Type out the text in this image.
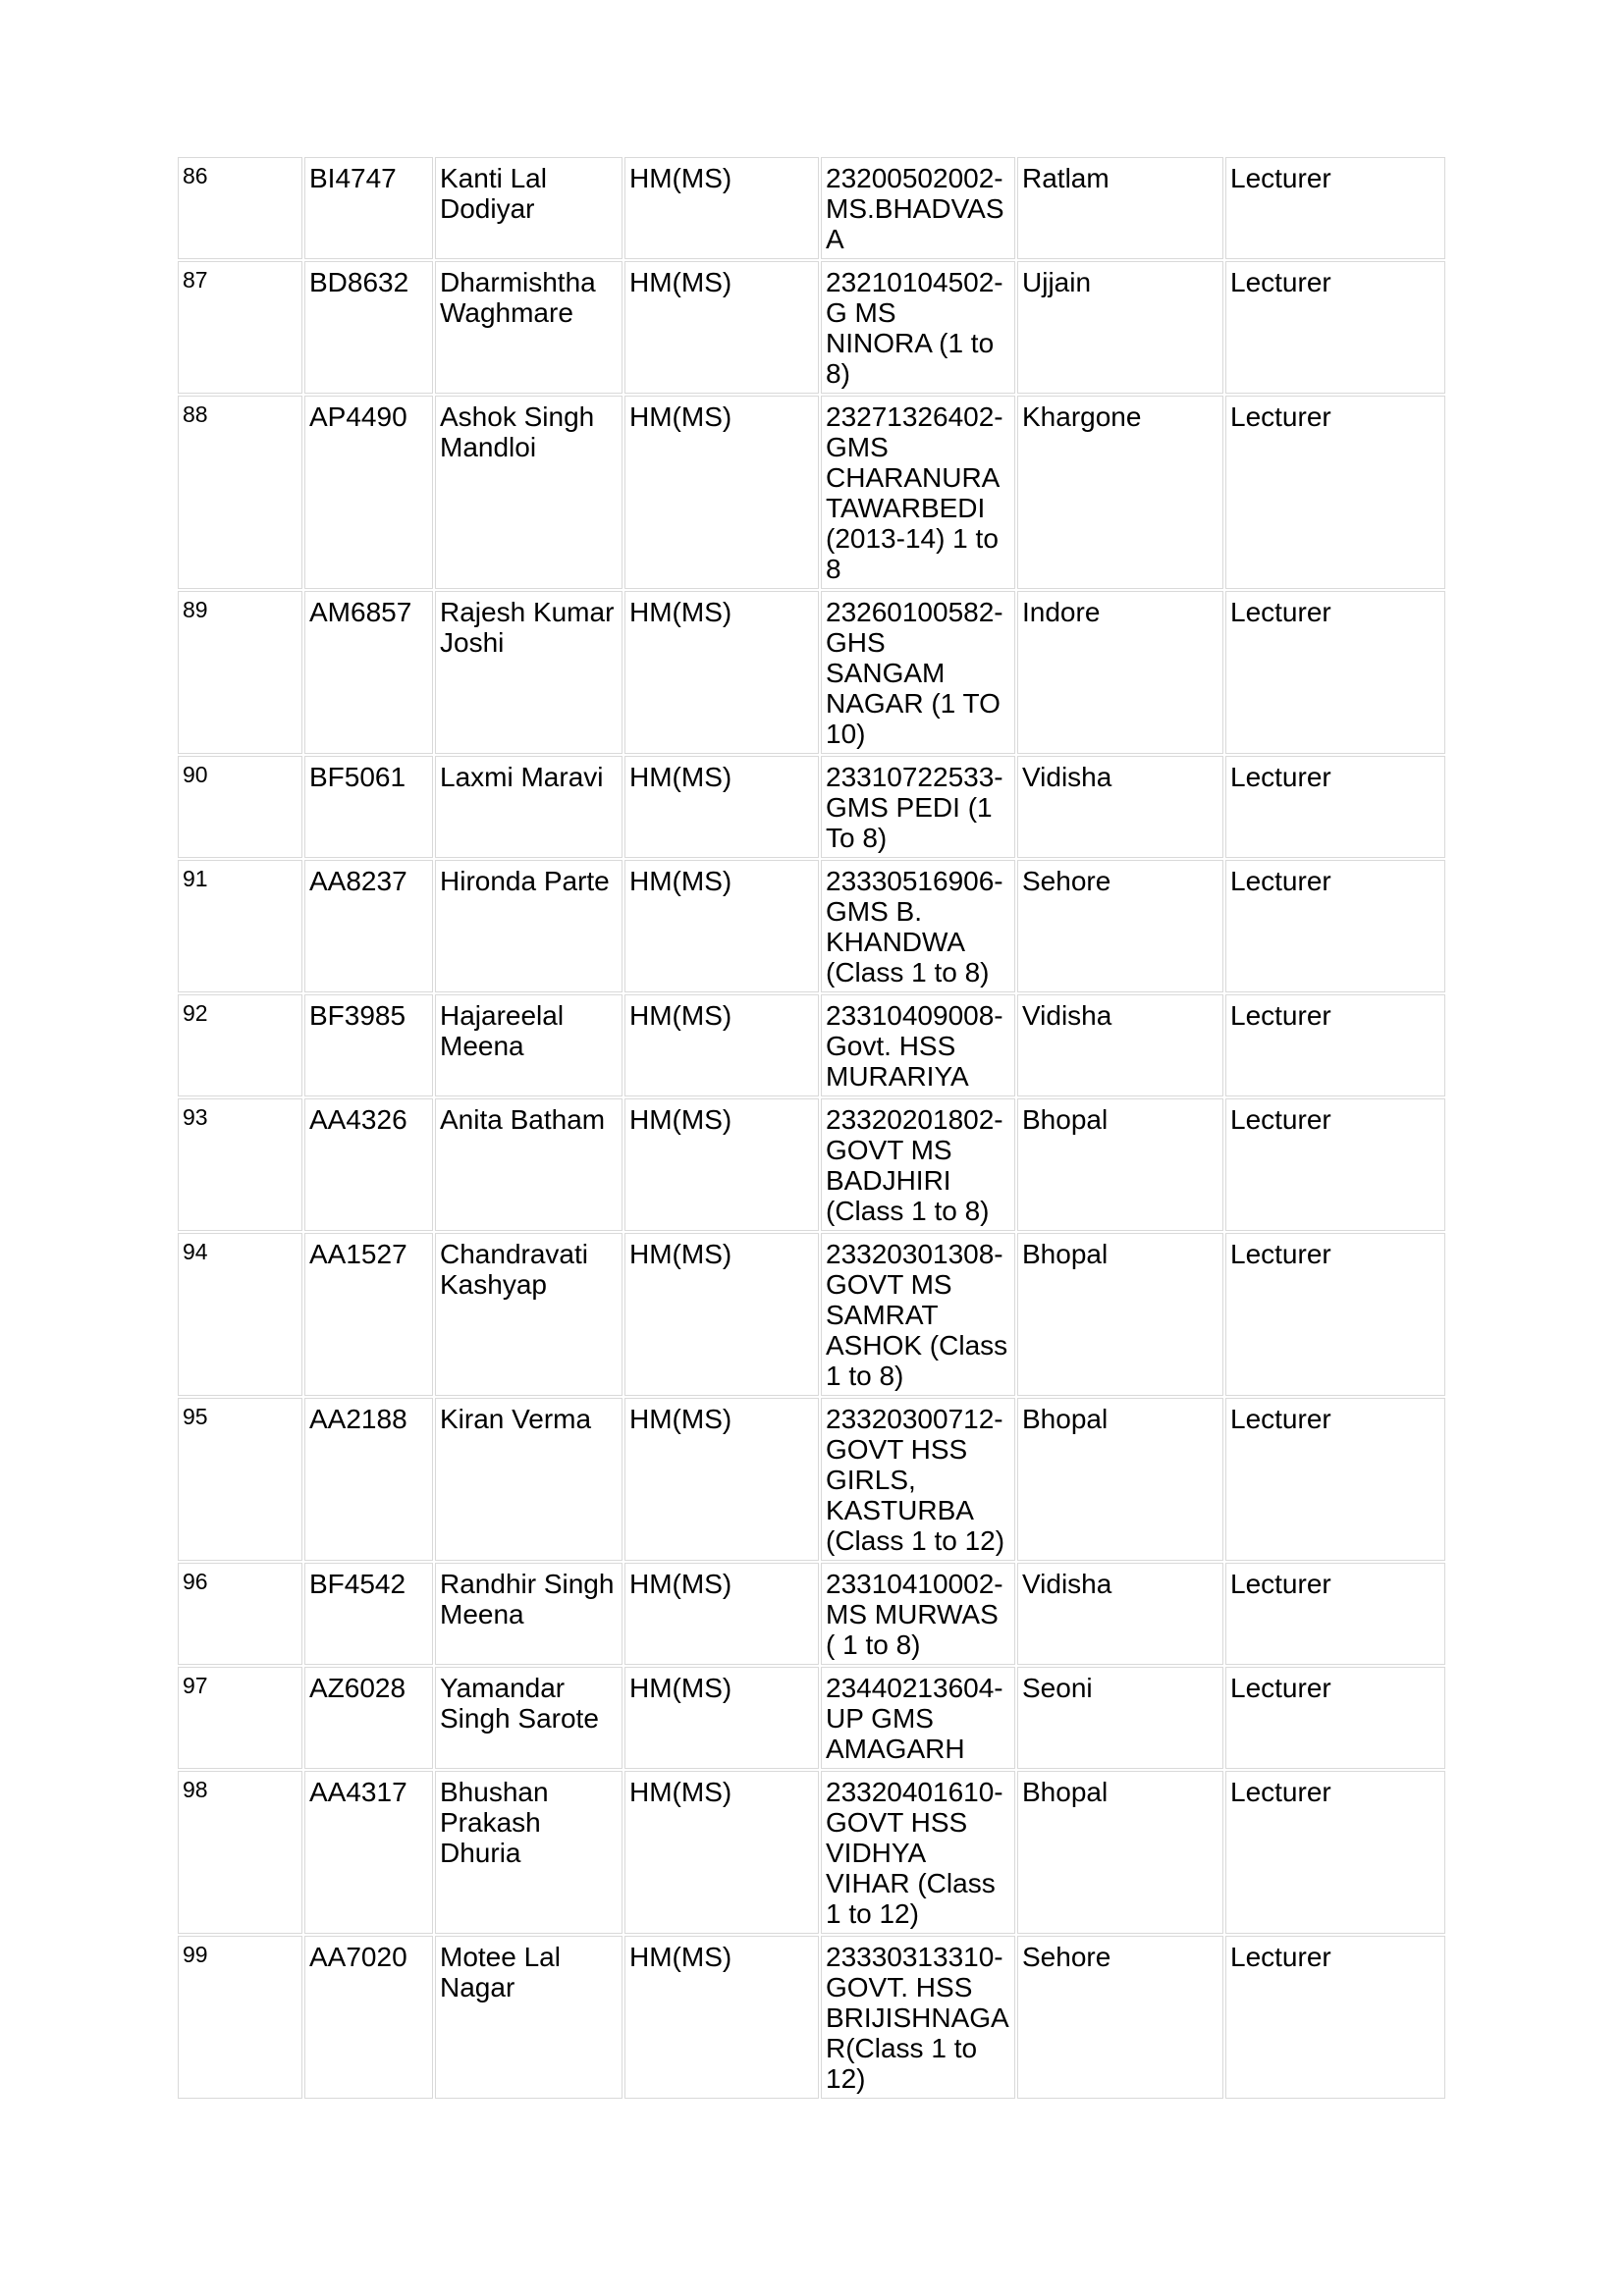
86	BI4747	Kanti Lal Dodiyar	HM(MS)	23200502002-MS.BHADVASA	Ratlam	Lecturer
87	BD8632	Dharmishtha Waghmare	HM(MS)	23210104502-G MS NINORA (1 to 8)	Ujjain	Lecturer
88	AP4490	Ashok Singh Mandloi	HM(MS)	23271326402-GMS CHARANURA TAWARBEDI (2013-14) 1 to 8	Khargone	Lecturer
89	AM6857	Rajesh Kumar Joshi	HM(MS)	23260100582-GHS SANGAM NAGAR (1 TO 10)	Indore	Lecturer
90	BF5061	Laxmi Maravi	HM(MS)	23310722533-GMS PEDI (1 To 8)	Vidisha	Lecturer
91	AA8237	Hironda Parte	HM(MS)	23330516906-GMS B. KHANDWA (Class 1 to 8)	Sehore	Lecturer
92	BF3985	Hajareelal Meena	HM(MS)	23310409008-Govt. HSS MURARIYA	Vidisha	Lecturer
93	AA4326	Anita Batham	HM(MS)	23320201802-GOVT MS BADJHIRI (Class 1 to 8)	Bhopal	Lecturer
94	AA1527	Chandravati Kashyap	HM(MS)	23320301308-GOVT MS SAMRAT ASHOK (Class 1 to 8)	Bhopal	Lecturer
95	AA2188	Kiran Verma	HM(MS)	23320300712-GOVT HSS GIRLS, KASTURBA (Class 1 to 12)	Bhopal	Lecturer
96	BF4542	Randhir Singh Meena	HM(MS)	23310410002-MS MURWAS ( 1 to 8)	Vidisha	Lecturer
97	AZ6028	Yamandar Singh Sarote	HM(MS)	23440213604-UP GMS AMAGARH	Seoni	Lecturer
98	AA4317	Bhushan Prakash Dhuria	HM(MS)	23320401610-GOVT HSS VIDHYA VIHAR (Class 1 to 12)	Bhopal	Lecturer
99	AA7020	Motee Lal Nagar	HM(MS)	23330313310-GOVT. HSS BRIJISHNAGAR(Class 1 to 12)	Sehore	Lecturer
